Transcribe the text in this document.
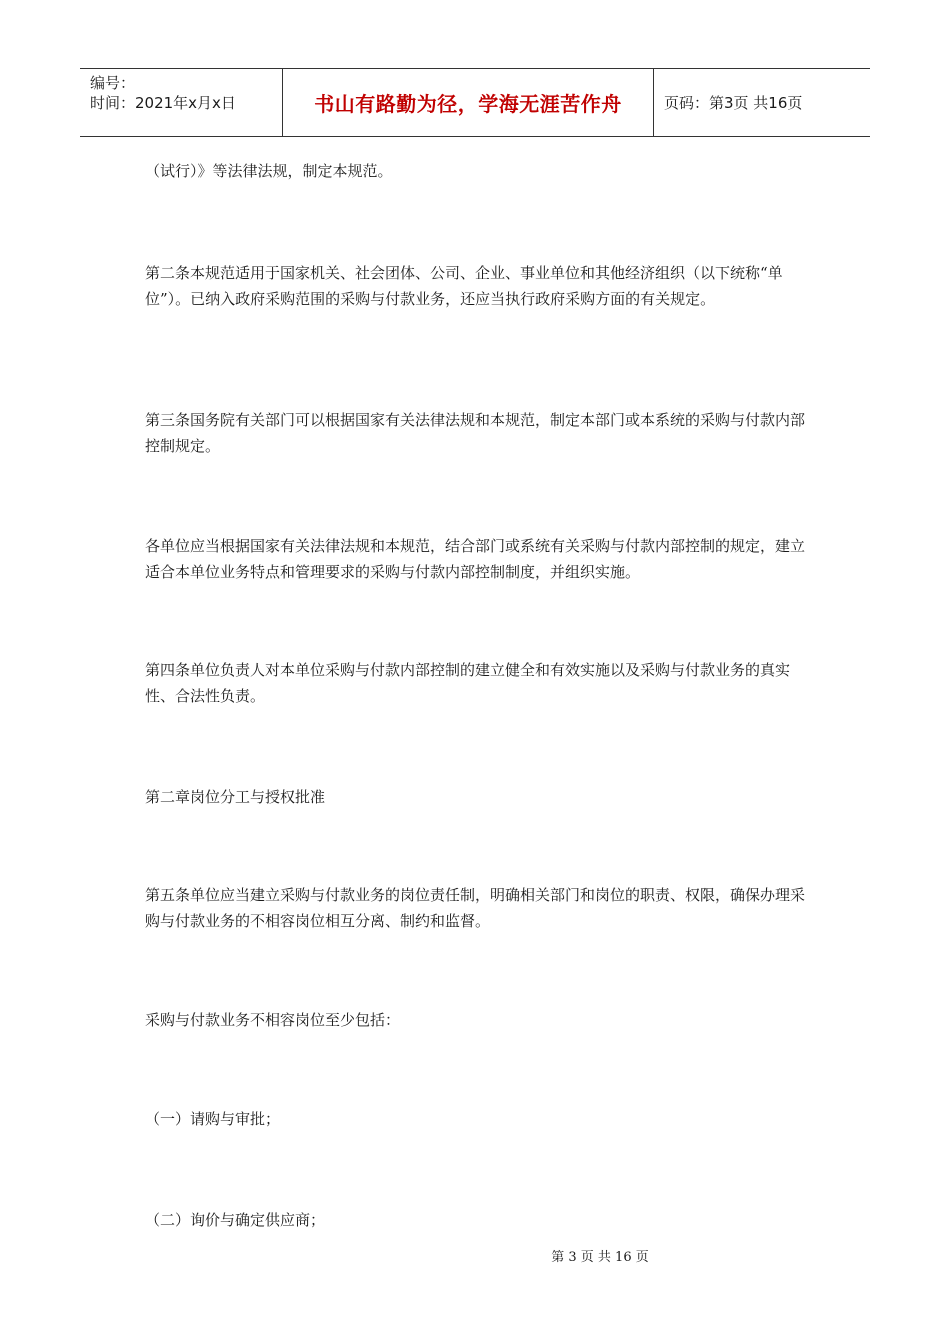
编号：
时间：2021年x月x日	书山有路勤为径，学海无涯苦作舟	页码：第3页 共16页

（试行）》等法律法规，制定本规范。

第二条本规范适用于国家机关、社会团体、公司、企业、事业单位和其他经济组织（以下统称“单位”）。已纳入政府采购范围的采购与付款业务，还应当执行政府采购方面的有关规定。

第三条国务院有关部门可以根据国家有关法律法规和本规范，制定本部门或本系统的采购与付款内部控制规定。

各单位应当根据国家有关法律法规和本规范，结合部门或系统有关采购与付款内部控制的规定，建立适合本单位业务特点和管理要求的采购与付款内部控制制度，并组织实施。

第四条单位负责人对本单位采购与付款内部控制的建立健全和有效实施以及采购与付款业务的真实性、合法性负责。

第二章岗位分工与授权批准

第五条单位应当建立采购与付款业务的岗位责任制，明确相关部门和岗位的职责、权限，确保办理采购与付款业务的不相容岗位相互分离、制约和监督。

采购与付款业务不相容岗位至少包括：

（一）请购与审批；

（二）询价与确定供应商；

第 3 页 共 16 页
